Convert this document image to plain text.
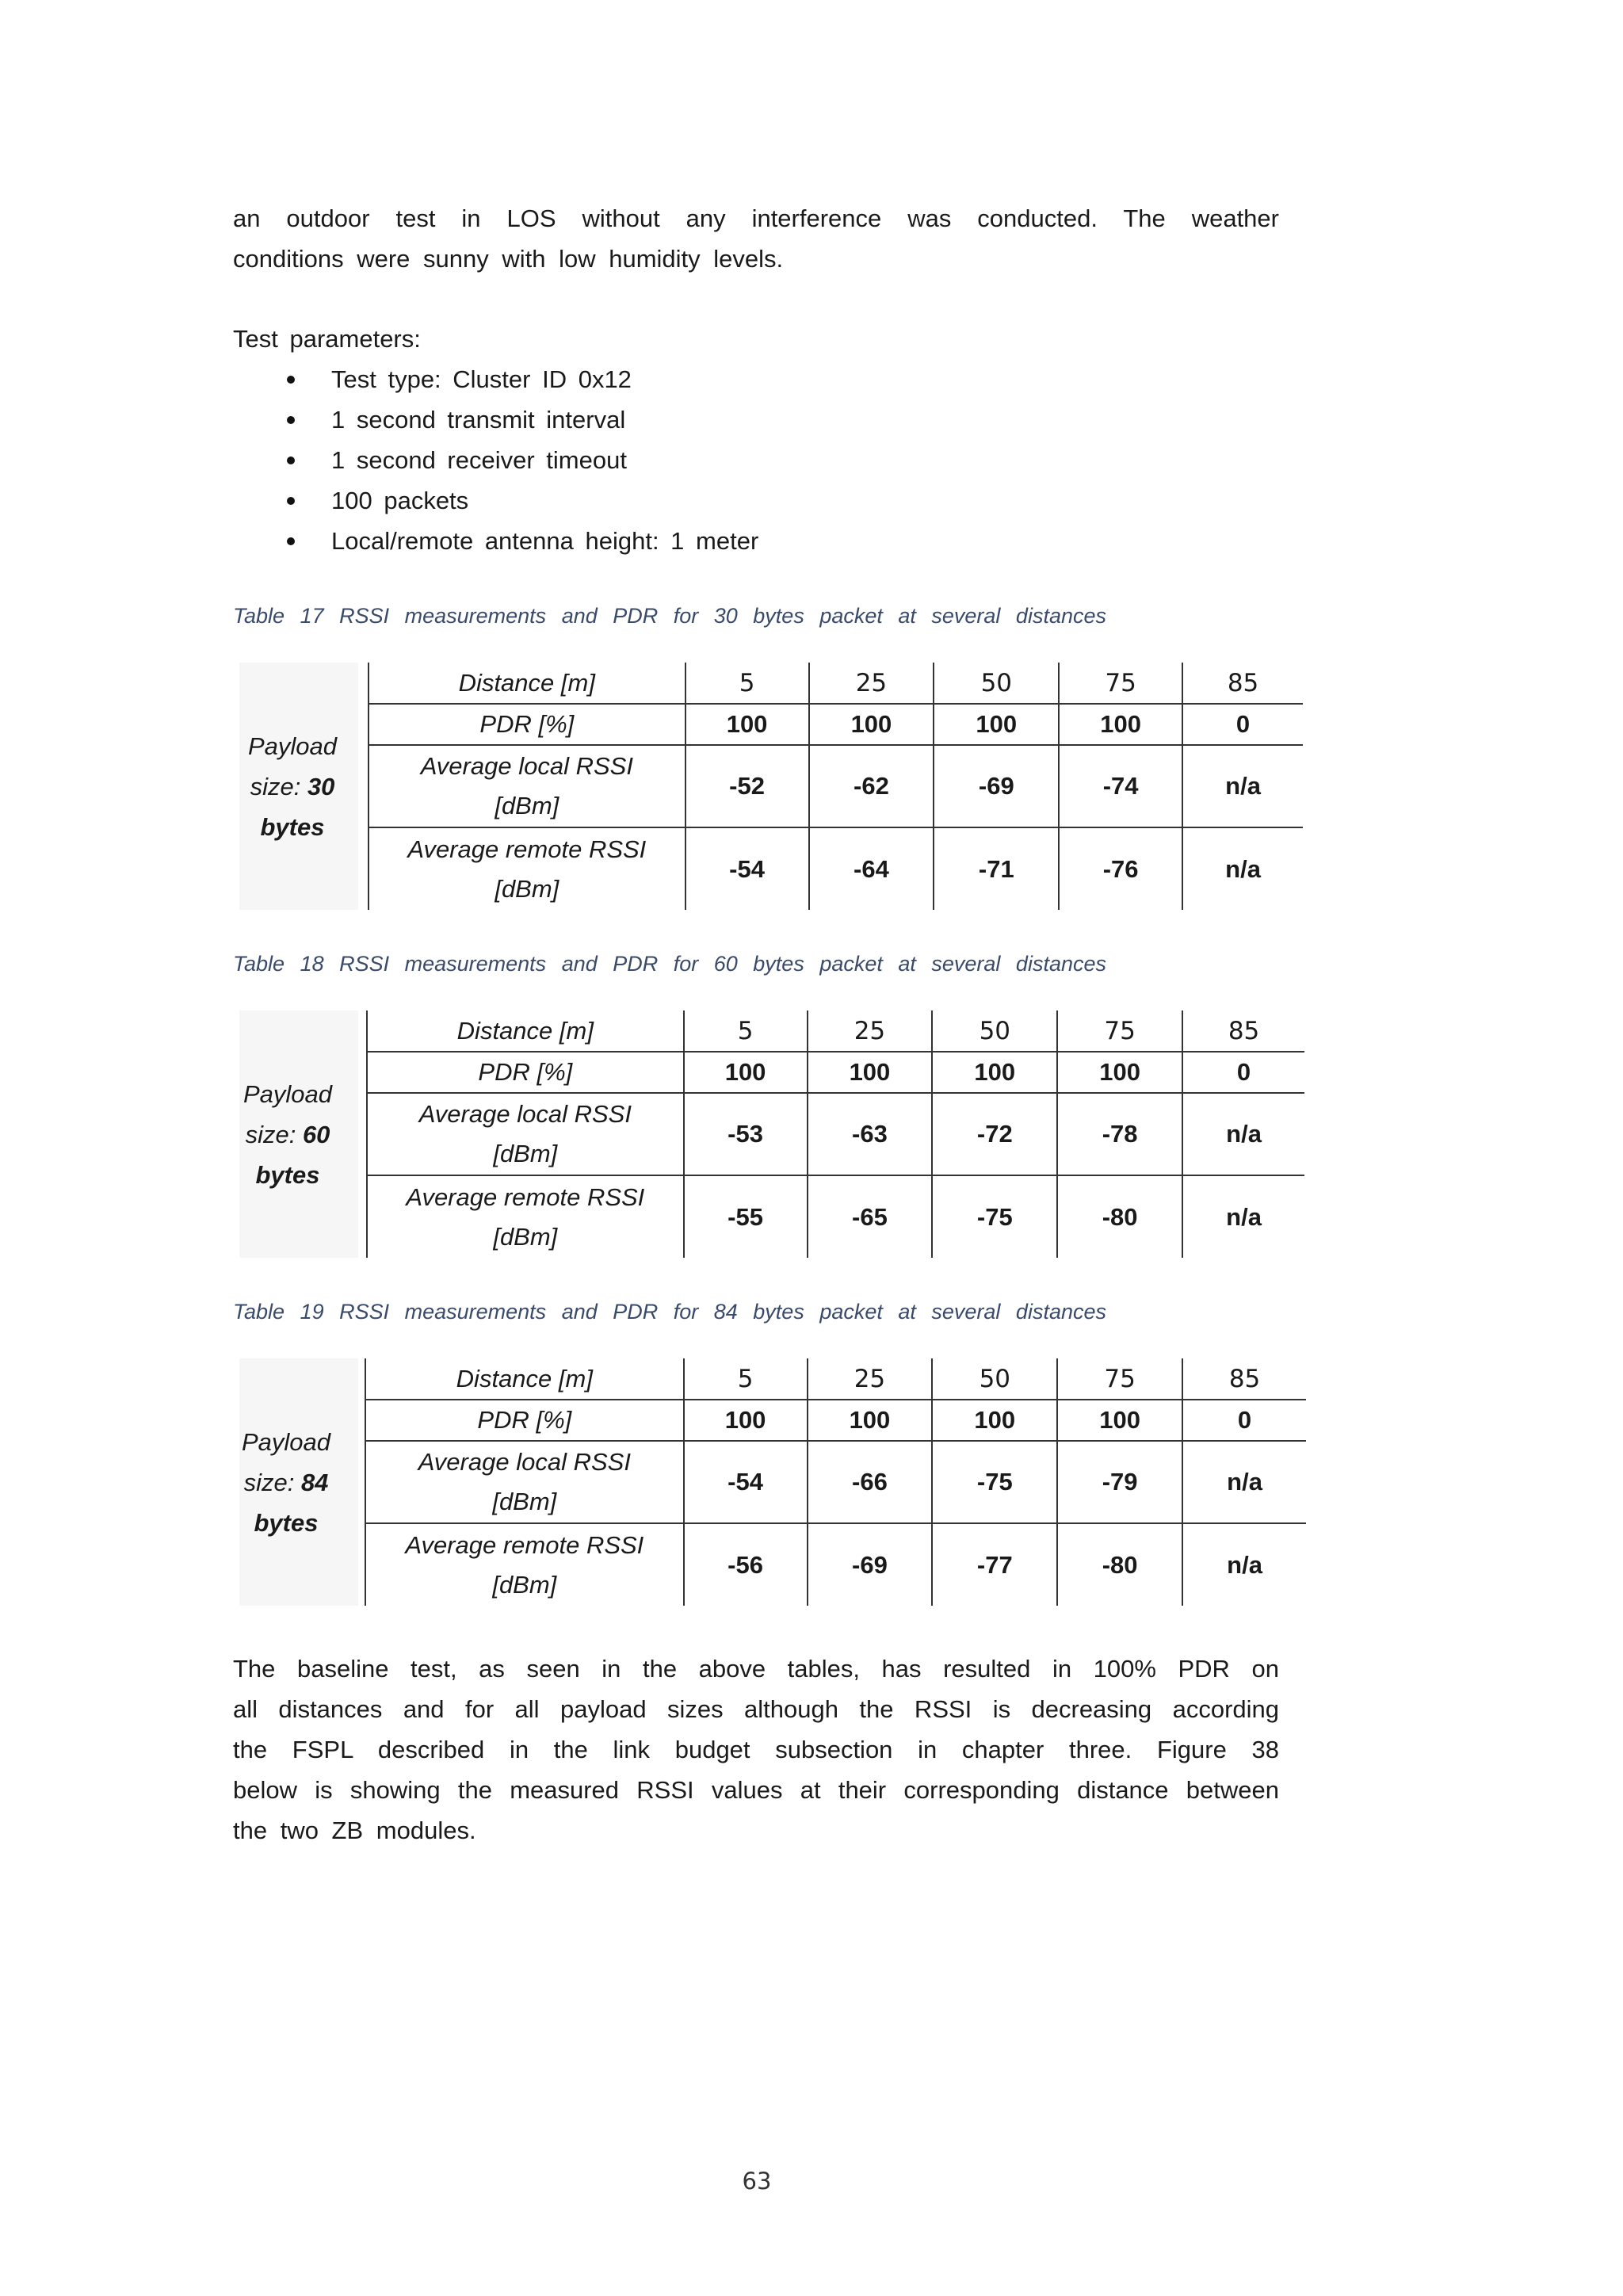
an outdoor test in LOS without any interference was conducted. The weather
conditions were sunny with low humidity levels.
Test parameters:
Test type: Cluster ID 0x12
1 second transmit interval
1 second receiver timeout
100 packets
Local/remote antenna height: 1 meter
Table 17 RSSI measurements and PDR for 30 bytes packet at several distances
Payload
size: 30
bytes
Distance [m]	5	25	50	75	85
PDR [%]	100	100	100	100	0

Average local RSSI
[dBm]	-52	-62	-69	-74	n/a

Average remote RSSI
[dBm]	-54	-64	-71	-76	n/a
Table 18 RSSI measurements and PDR for 60 bytes packet at several distances
Payload
size: 60
bytes
Distance [m]	5	25	50	75	85
PDR [%]	100	100	100	100	0

Average local RSSI
[dBm]	-53	-63	-72	-78	n/a

Average remote RSSI
[dBm]	-55	-65	-75	-80	n/a
Table 19 RSSI measurements and PDR for 84 bytes packet at several distances
Payload
size: 84
bytes
Distance [m]	5	25	50	75	85
PDR [%]	100	100	100	100	0

Average local RSSI
[dBm]	-54	-66	-75	-79	n/a

Average remote RSSI
[dBm]	-56	-69	-77	-80	n/a
The baseline test, as seen in the above tables, has resulted in 100% PDR on
all distances and for all payload sizes although the RSSI is decreasing according
the FSPL described in the link budget subsection in chapter three. Figure 38
below is showing the measured RSSI values at their corresponding distance between
the two ZB modules.
63
